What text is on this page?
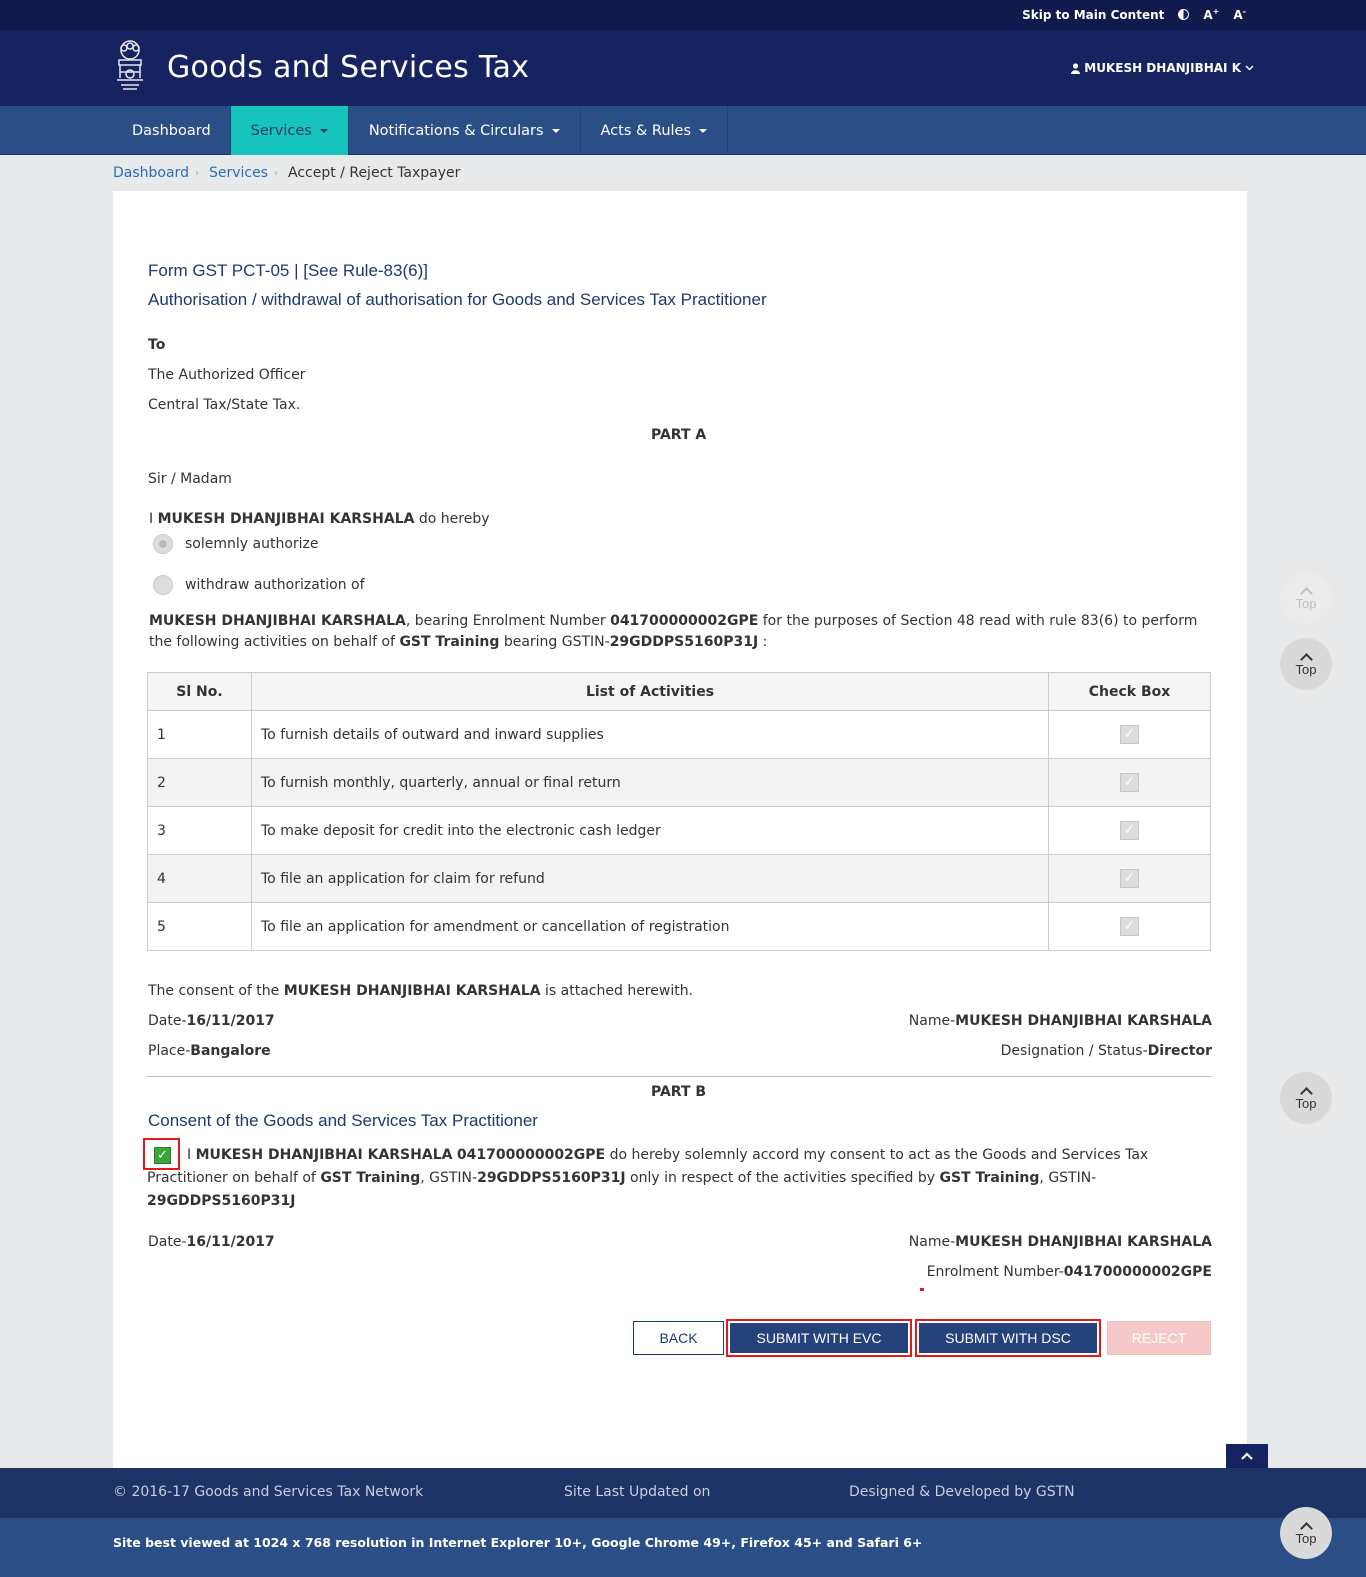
Skip to Main Content	A+ A-
Goods and Services Tax	MUKESH DHANJIBHAI K
Dashboard	Services	Notifications & Circulars	Acts & Rules
Dashboard › Services › Accept / Reject Taxpayer
Form GST PCT-05 | [See Rule-83(6)]
Authorisation / withdrawal of authorisation for Goods and Services Tax Practitioner
To
The Authorized Officer
Central Tax/State Tax.
PART A
Sir / Madam
I MUKESH DHANJIBHAI KARSHALA do hereby
solemnly authorize
withdraw authorization of
MUKESH DHANJIBHAI KARSHALA, bearing Enrolment Number 041700000002GPE for the purposes of Section 48 read with rule 83(6) to perform
the following activities on behalf of GST Training bearing GSTIN-29GDDPS5160P31J :
Sl No.	List of Activities	Check Box
1	To furnish details of outward and inward supplies	✓
2	To furnish monthly, quarterly, annual or final return	✓
3	To make deposit for credit into the electronic cash ledger	✓
4	To file an application for claim for refund	✓
5	To file an application for amendment or cancellation of registration	✓
The consent of the MUKESH DHANJIBHAI KARSHALA is attached herewith.
Date-16/11/2017
Place-Bangalore
Name-MUKESH DHANJIBHAI KARSHALA
Designation / Status-Director
PART B
Consent of the Goods and Services Tax Practitioner
✓	I MUKESH DHANJIBHAI KARSHALA 041700000002GPE do hereby solemnly accord my consent to act as the Goods and Services Tax Practitioner on behalf of GST Training, GSTIN-29GDDPS5160P31J only in respect of the activities specified by GST Training, GSTIN-29GDDPS5160P31J
Date-16/11/2017	Name-MUKESH DHANJIBHAI KARSHALA
Enrolment Number-041700000002GPE
BACK	SUBMIT WITH EVC	SUBMIT WITH DSC	REJECT
Top
Top
Top
© 2016-17 Goods and Services Tax Network	Site Last Updated on	Designed & Developed by GSTN
Site best viewed at 1024 x 768 resolution in Internet Explorer 10+, Google Chrome 49+, Firefox 45+ and Safari 6+	Top
